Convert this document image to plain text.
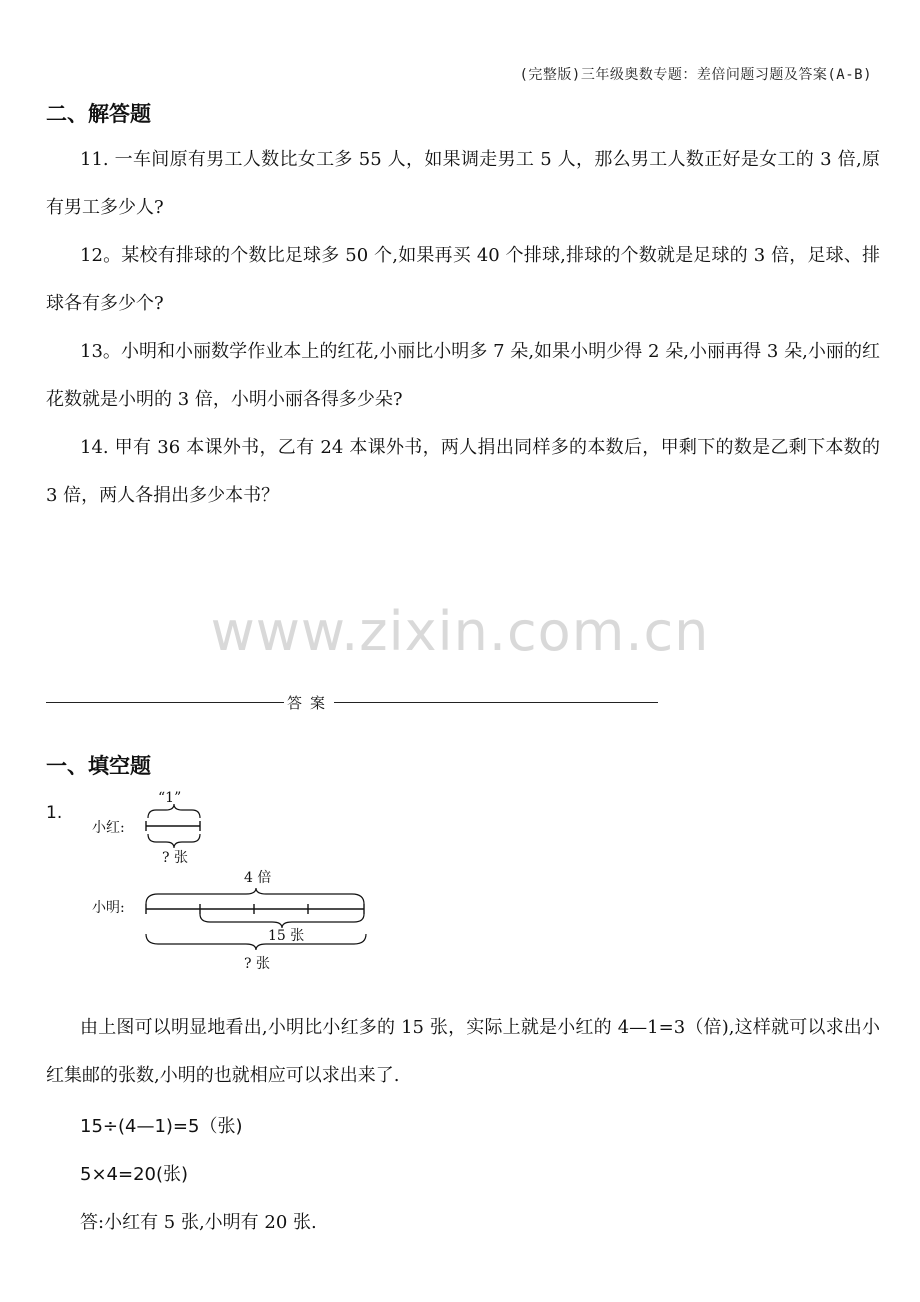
(完整版)三年级奥数专题：差倍问题习题及答案(A-B)
二、解答题
11. 一车间原有男工人数比女工多 55 人，如果调走男工 5 人，那么男工人数正好是女工的 3 倍,原有男工多少人?
12。某校有排球的个数比足球多 50 个,如果再买 40 个排球,排球的个数就是足球的 3 倍，足球、排球各有多少个?
13。小明和小丽数学作业本上的红花,小丽比小明多 7 朵,如果小明少得 2 朵,小丽再得 3 朵,小丽的红花数就是小明的 3 倍，小明小丽各得多少朵?
14. 甲有 36 本课外书，乙有 24 本课外书，两人捐出同样多的本数后，甲剩下的数是乙剩下本数的 3 倍，两人各捐出多少本书？
www.zixin.com.cn
答案
一、填空题
1.
“1”
小红:
? 张
4 倍
小明:
15 张
? 张
由上图可以明显地看出,小明比小红多的 15 张，实际上就是小红的 4—1=3（倍),这样就可以求出小红集邮的张数,小明的也就相应可以求出来了.
15÷(4—1)=5（张)
5×4=20(张)
答:小红有 5 张,小明有 20 张.
